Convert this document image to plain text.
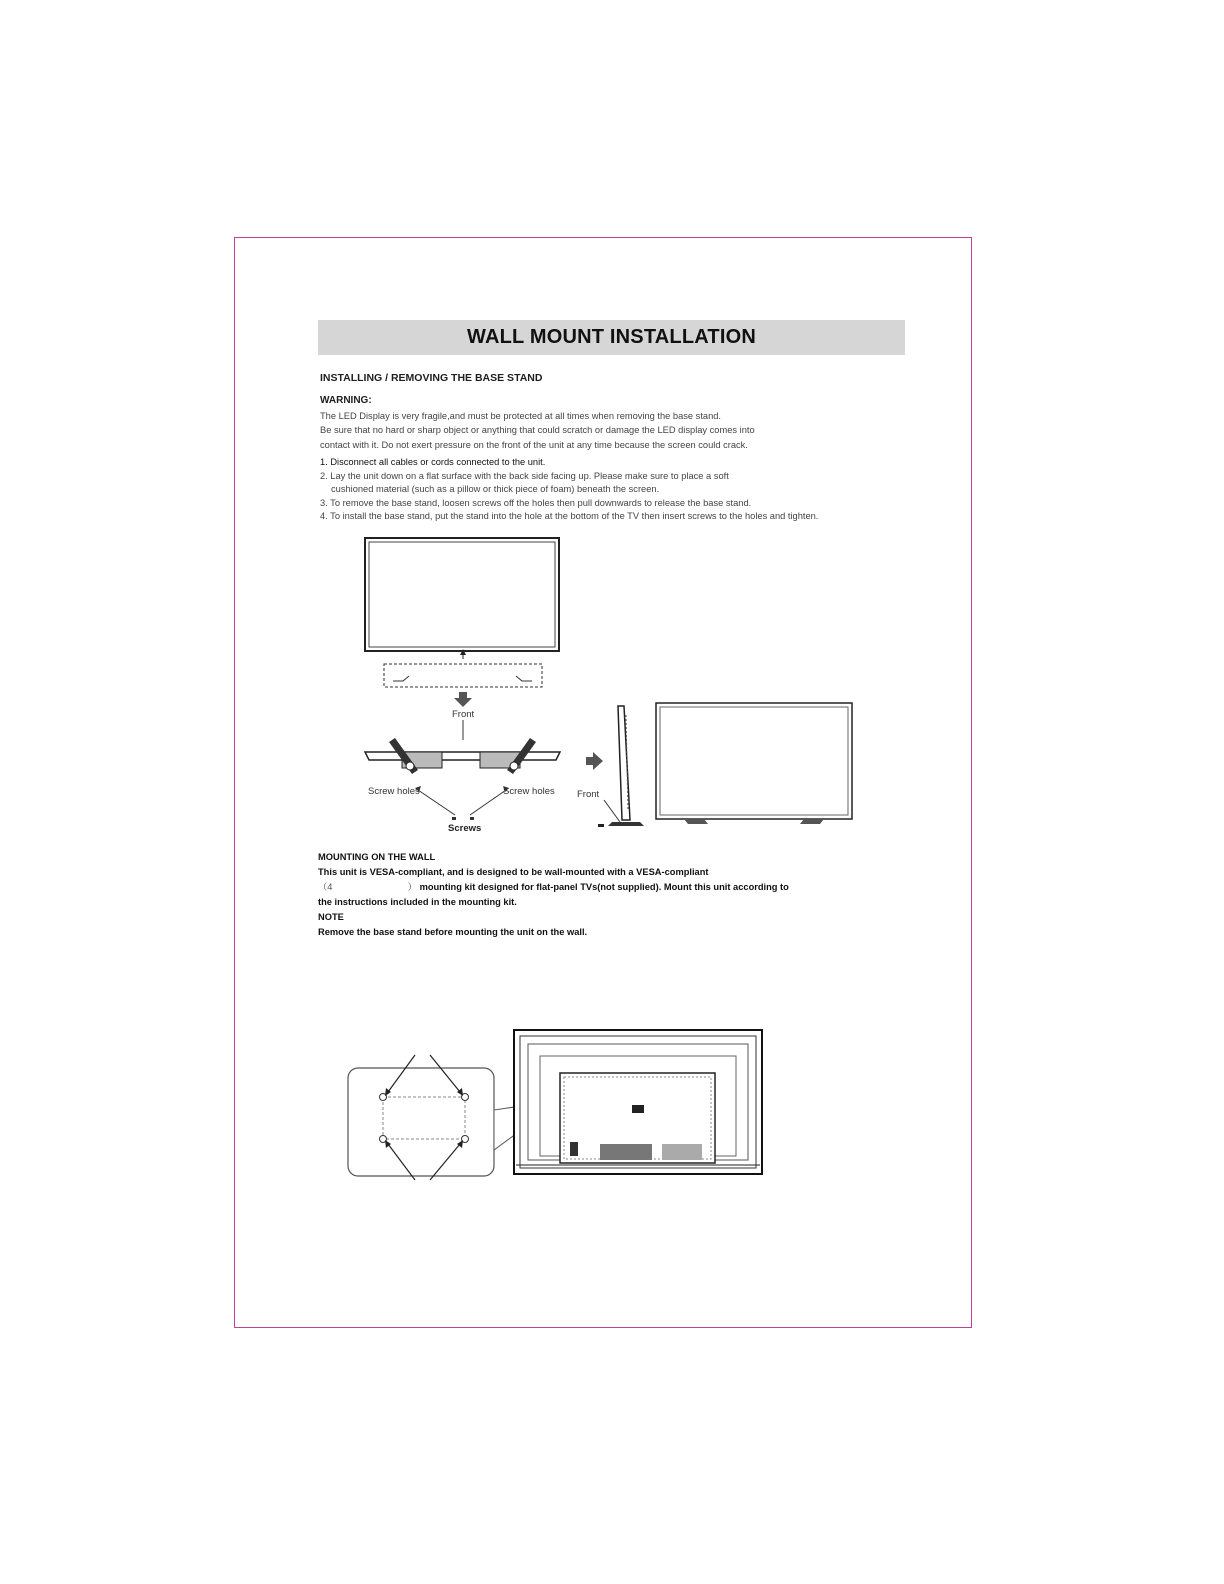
WALL MOUNT INSTALLATION
INSTALLING / REMOVING THE BASE STAND
WARNING:
The LED Display is very fragile,and must be protected at all times when removing the base stand.
Be sure that no hard or sharp object or anything that could scratch or damage the LED display comes into
contact with it. Do not exert pressure on the front of the unit at any time because the screen could crack.
1. Disconnect all cables or cords connected to the unit.
2. Lay the unit down on a flat surface with the back side facing up. Please make sure to place a soft
cushioned material (such as a pillow or thick piece of foam) beneath the screen.
3. To remove the base stand, loosen screws off the holes then pull downwards to release the base stand.
4. To install the base stand, put the stand into the hole at the bottom of the TV then insert screws to the holes and tighten.
Front
Screw holes	Screw holes Front
Screws
MOUNTING ON THE WALL
This unit is VESA-compliant, and is designed to be wall-mounted with a VESA-compliant
（4	） mounting kit designed for flat-panel TVs(not supplied). Mount this unit according to
the instructions included in the mounting kit.
NOTE
Remove the base stand before mounting the unit on the wall.
